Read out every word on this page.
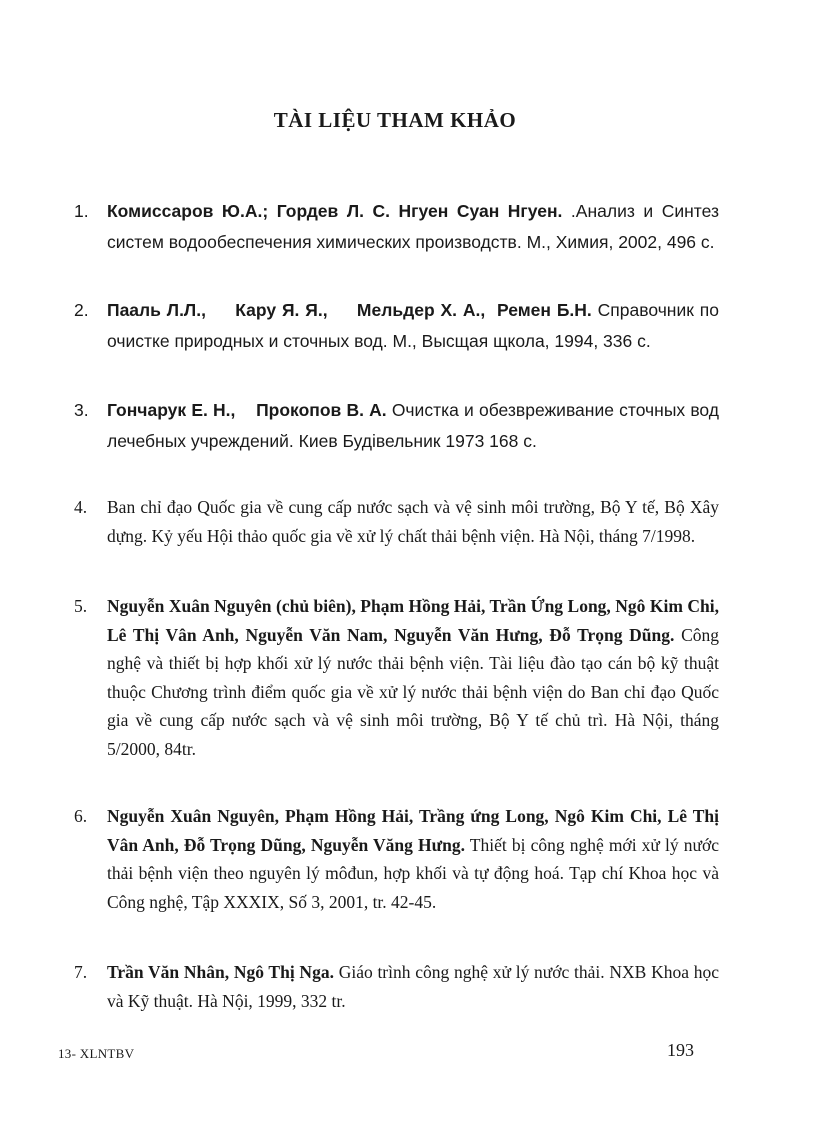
TÀI LIỆU THAM KHẢO
1.	Комиссаров Ю.А.; Гордев Л. С. Нгуен Суан Нгуен. .Анализ и Синтез систем водообеспечения химических производств. М., Химия, 2002, 496 с.
2.	Пааль Л.Л.,     Кару Я. Я.,     Мельдер Х. А.,  Ремен Б.Н. Справочник по очистке природных и сточных вод. М., Высщая щкола, 1994, 336 с.
3.	Гончарук Е. Н.,    Прокопов В. А. Очистка и обезвреживание сточных вод лечебных учреждений. Киев Будiвельник 1973 168 с.
4.	Ban chỉ đạo Quốc gia về cung cấp nước sạch và vệ sinh môi trường, Bộ Y tế, Bộ Xây dựng. Kỷ yếu Hội thảo quốc gia về xử lý chất thải bệnh viện. Hà Nội, tháng 7/1998.
5.	Nguyễn Xuân Nguyên (chủ biên), Phạm Hồng Hải, Trần Ứng Long, Ngô Kim Chi, Lê Thị Vân Anh, Nguyễn Văn Nam, Nguyễn Văn Hưng, Đỗ Trọng Dũng. Công nghệ và thiết bị hợp khối xử lý nước thải bệnh viện. Tài liệu đào tạo cán bộ kỹ thuật thuộc Chương trình điểm quốc gia về xử lý nước thải bệnh viện do Ban chỉ đạo Quốc gia về cung cấp nước sạch và vệ sinh môi trường, Bộ Y tế chủ trì. Hà Nội, tháng 5/2000, 84tr.
6.	Nguyễn Xuân Nguyên, Phạm Hồng Hải, Trầng ứng Long, Ngô Kim Chi, Lê Thị Vân Anh, Đỗ Trọng Dũng, Nguyễn Văng Hưng. Thiết bị công nghệ mới xử lý nước thải bệnh viện theo nguyên lý môđun, hợp khối và tự động hoá. Tạp chí Khoa học và Công nghệ, Tập XXXIX, Số 3, 2001, tr. 42-45.
7.	Trần Văn Nhân, Ngô Thị Nga. Giáo trình công nghệ xử lý nước thải. NXB Khoa học và Kỹ thuật. Hà Nội, 1999, 332 tr.
13- XLNTBV	193
